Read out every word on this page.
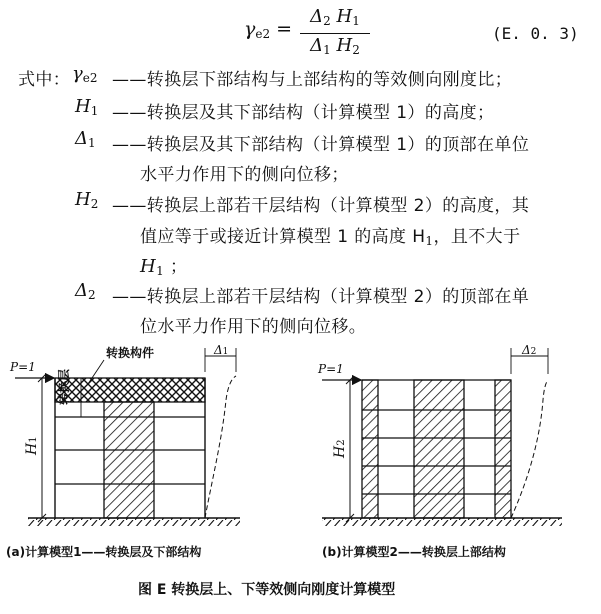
$\gamma_{e2}$ =
$\Delta_2$ $H_1$
$\Delta_1$ $H_2$
(E. 0. 3)
式中： $\gamma_{e2}$ ——转换层下部结构与上部结构的等效侧向刚度比；
$H_1$ ——转换层及其下部结构（计算模型 1）的高度；
$\Delta_1$ ——转换层及其下部结构（计算模型 1）的顶部在单位
水平力作用下的侧向位移；
$H_2$ ——转换层上部若干层结构（计算模型 2）的高度，其
值应等于或接近计算模型 1 的高度 $H_1$，且不大于
$H_1$ ；
$\Delta_2$ ——转换层上部若干层结构（计算模型 2）的顶部在单
位水平力作用下的侧向位移。
P=1
转换构件
H1
Δ1
P=1
H2
Δ2
(a)计算模型1——转换层及下部结构	(b)计算模型2——转换层上部结构
图 E 转换层上、下等效侧向刚度计算模型
